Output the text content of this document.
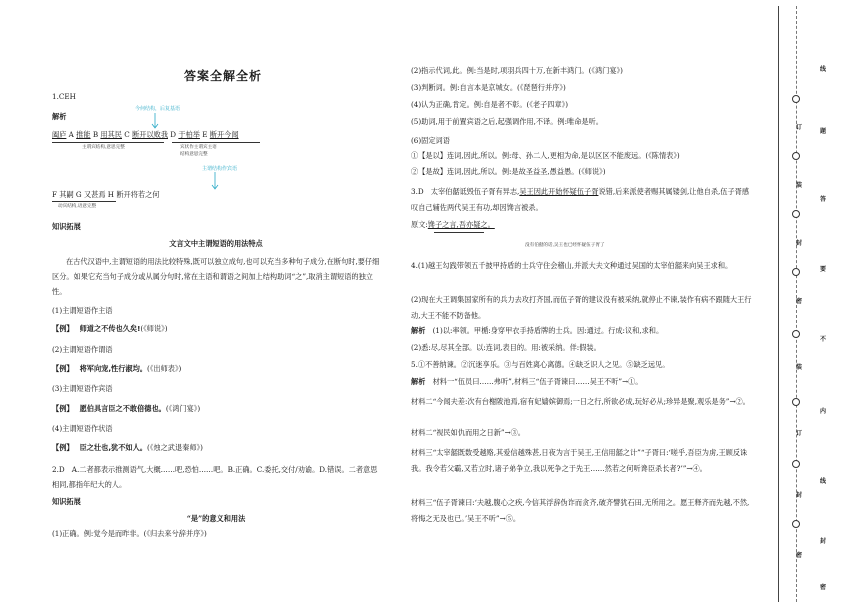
答案全解全析
1.CEH
解析
今何结构，后复基语
阖庐 A 推能 B 用其民 C 断开以败我 D 于柏举 E 断开今闻
主谓宾结构,意思完整	宾状作主谓宾主语
结构意思完整
主谓结构作宾语
F 其嗣 G 又甚焉 H 断开将若之何
动宾结构,语意完整
知识拓展
文言文中主谓短语的用法特点
在古代汉语中,主谓短语的用法比较特殊,既可以独立成句,也可以充当多种句子成分,在断句时,要仔细区分。如果它充当句子成分或从属分句时,常在主语和谓语之间加上结构助词“之”,取消主谓短语的独立性。
(1)主谓短语作主语
【例】 师道之不传也久矣!(《师说》)
(2)主谓短语作谓语
【例】 将军向宠,性行淑均。(《出师表》)
(3)主谓短语作宾语
【例】 愿伯具言臣之不敢倍德也。(《鸿门宴》)
(4)主谓短语作状语
【例】 臣之壮也,犹不如人。(《烛之武退秦师》)
2.D　A.二者都表示推测语气,大概……吧,恐怕……吧。B.正确。C.委托,交付/劝谕。D.错误。二者意思相同,都指年纪大的人。
知识拓展
“是”的意义和用法
(1)正确。例:觉今是而昨非。(《归去来兮辞并序》)
(2)指示代词,此。例:当是时,项羽兵四十万,在新丰鸿门。(《鸿门宴》)
(3)判断词。例:自言本是京城女。(《琵琶行并序》)
(4)认为正确,肯定。例:自是者不彰。(《老子四章》)
(5)助词,用于前置宾语之后,起强调作用,不译。例:唯命是听。
(6)固定词语
①【是以】连词,因此,所以。例:母、孙二人,更相为命,是以区区不能废远。(《陈情表》)
②【是故】连词,因此,所以。例:是故圣益圣,愚益愚。(《师说》)
3.D　太宰伯嚭诋毁伍子胥有异志,吴王因此开始怀疑伍子胥说错,后来派使者赐其属镂剑,让他自杀,伍子胥感叹自己辅佐两代吴王有功,却因馋言被杀。
原文:馋子之言,吾亦疑之。
没有伯嚭的话,吴王也已经怀疑伍子胥了
4.(1)越王勾践带领五千披甲持盾的士兵守住会稽山,并派大夫文种通过吴国的太宰伯嚭来向吴王求和。
(2)现在大王调集国家所有的兵力去攻打齐国,而伍子胥的建议没有被采纳,就停止不谏,装作有病不跟随大王行动,大王不能不防备他。
解析　(1)以:率领。甲楯:身穿甲衣手持盾牌的士兵。因:通过。行成:议和,求和。
(2)悉:尽,尽其全部。以:连词,表目的。用:被采纳。佯:假装。
5.①不善纳谏。②沉迷享乐。③与百姓离心离德。④缺乏识人之见。⑤缺乏远见。
解析　材料一“伍员曰……弗听”,材料三“伍子胥谏曰……吴王不听”→①。
材料二“今闻夫差:次有台榭陂池焉,宿有妃嫱嫔御焉;一日之行,所欲必成,玩好必从;珍异是聚,观乐是务”→②。
材料二“视民如仇而用之日新”→③。
材料三“太宰嚭既数受越赂,其爱信越殊甚,日夜为言于吴王,王信用嚭之计”“子胥曰:‘嗟乎,吾臣为虏,王顾反诛我。我令若父霸,又若立时,诸子弟争立,我以死争之于先王……然若之何听谗臣杀长者?’”→④。
材料三“伍子胥谏曰:‘夫越,腹心之疾,今信其浮辞伪诈而贪齐,破齐譬犹石田,无所用之。愿王释齐而先越,不然,将悔之无及也已。’吴王不听”→⑤。
线
题
答
要
不
内
线
封
密
订
装
封
密
装
订
封
密
